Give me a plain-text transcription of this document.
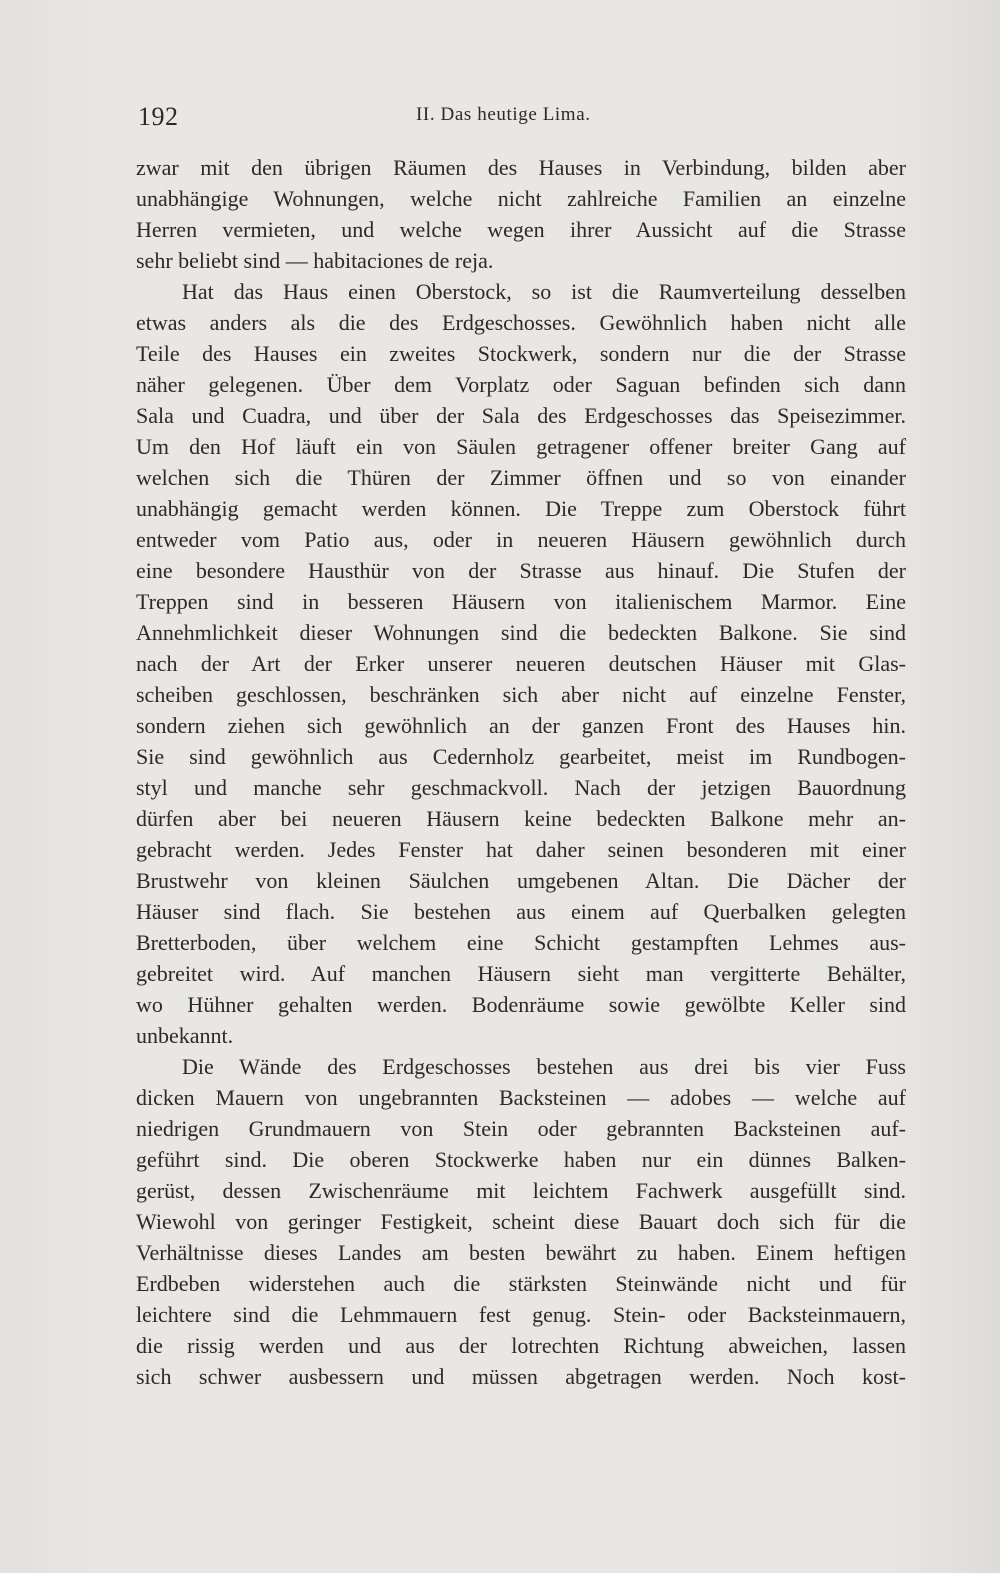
192	II. Das heutige Lima.
zwar mit den übrigen Räumen des Hauses in Verbindung, bilden aber
unabhängige Wohnungen, welche nicht zahlreiche Familien an einzelne
Herren vermieten, und welche wegen ihrer Aussicht auf die Strasse
sehr beliebt sind — habitaciones de reja.
Hat das Haus einen Oberstock, so ist die Raumverteilung desselben
etwas anders als die des Erdgeschosses. Gewöhnlich haben nicht alle
Teile des Hauses ein zweites Stockwerk, sondern nur die der Strasse
näher gelegenen. Über dem Vorplatz oder Saguan befinden sich dann
Sala und Cuadra, und über der Sala des Erdgeschosses das Speisezimmer.
Um den Hof läuft ein von Säulen getragener offener breiter Gang auf
welchen sich die Thüren der Zimmer öffnen und so von einander
unabhängig gemacht werden können. Die Treppe zum Oberstock führt
entweder vom Patio aus, oder in neueren Häusern gewöhnlich durch
eine besondere Hausthür von der Strasse aus hinauf. Die Stufen der
Treppen sind in besseren Häusern von italienischem Marmor. Eine
Annehmlichkeit dieser Wohnungen sind die bedeckten Balkone. Sie sind
nach der Art der Erker unserer neueren deutschen Häuser mit Glas-
scheiben geschlossen, beschränken sich aber nicht auf einzelne Fenster,
sondern ziehen sich gewöhnlich an der ganzen Front des Hauses hin.
Sie sind gewöhnlich aus Cedernholz gearbeitet, meist im Rundbogen-
styl und manche sehr geschmackvoll. Nach der jetzigen Bauordnung
dürfen aber bei neueren Häusern keine bedeckten Balkone mehr an-
gebracht werden. Jedes Fenster hat daher seinen besonderen mit einer
Brustwehr von kleinen Säulchen umgebenen Altan. Die Dächer der
Häuser sind flach. Sie bestehen aus einem auf Querbalken gelegten
Bretterboden, über welchem eine Schicht gestampften Lehmes aus-
gebreitet wird. Auf manchen Häusern sieht man vergitterte Behälter,
wo Hühner gehalten werden. Bodenräume sowie gewölbte Keller sind
unbekannt.
Die Wände des Erdgeschosses bestehen aus drei bis vier Fuss
dicken Mauern von ungebrannten Backsteinen — adobes — welche auf
niedrigen Grundmauern von Stein oder gebrannten Backsteinen auf-
geführt sind. Die oberen Stockwerke haben nur ein dünnes Balken-
gerüst, dessen Zwischenräume mit leichtem Fachwerk ausgefüllt sind.
Wiewohl von geringer Festigkeit, scheint diese Bauart doch sich für die
Verhältnisse dieses Landes am besten bewährt zu haben. Einem heftigen
Erdbeben widerstehen auch die stärksten Steinwände nicht und für
leichtere sind die Lehmmauern fest genug. Stein- oder Backsteinmauern,
die rissig werden und aus der lotrechten Richtung abweichen, lassen
sich schwer ausbessern und müssen abgetragen werden. Noch kost-
